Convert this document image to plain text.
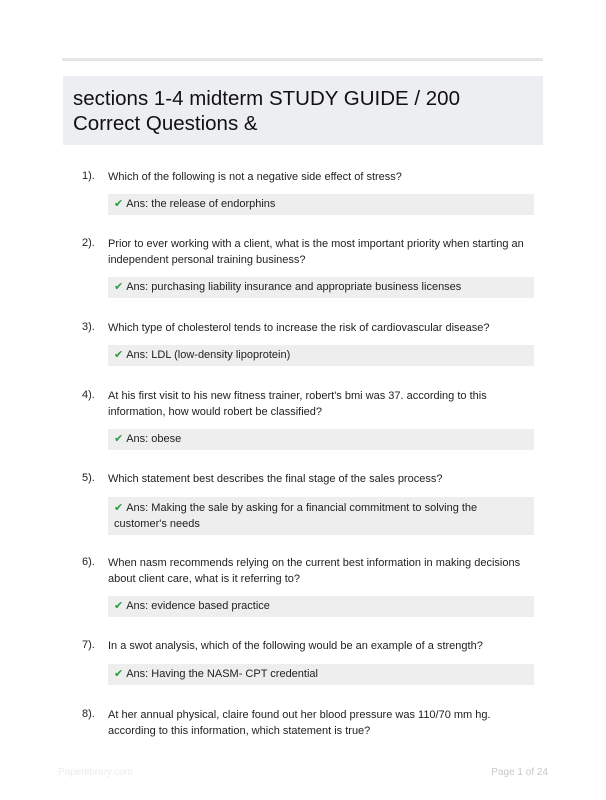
sections 1-4 midterm STUDY GUIDE / 200
Correct Questions &
1). Which of the following is not a negative side effect of stress?

✔ Ans: the release of endorphins
2). Prior to ever working with a client, what is the most important priority when starting an independent personal training business?

✔ Ans: purchasing liability insurance and appropriate business licenses
3). Which type of cholesterol tends to increase the risk of cardiovascular disease?

✔ Ans: LDL (low-density lipoprotein)
4). At his first visit to his new fitness trainer, robert's bmi was 37. according to this information, how would robert be classified?

✔ Ans: obese
5). Which statement best describes the final stage of the sales process?

✔ Ans: Making the sale by asking for a financial commitment to solving the customer's needs
6). When nasm recommends relying on the current best information in making decisions about client care, what is it referring to?

✔ Ans: evidence based practice
7). In a swot analysis, which of the following would be an example of a strength?

✔ Ans: Having the NASM- CPT credential
8). At her annual physical, claire found out her blood pressure was 110/70 mm hg. according to this information, which statement is true?

Paperlibrary.com	Page 1 of 24
